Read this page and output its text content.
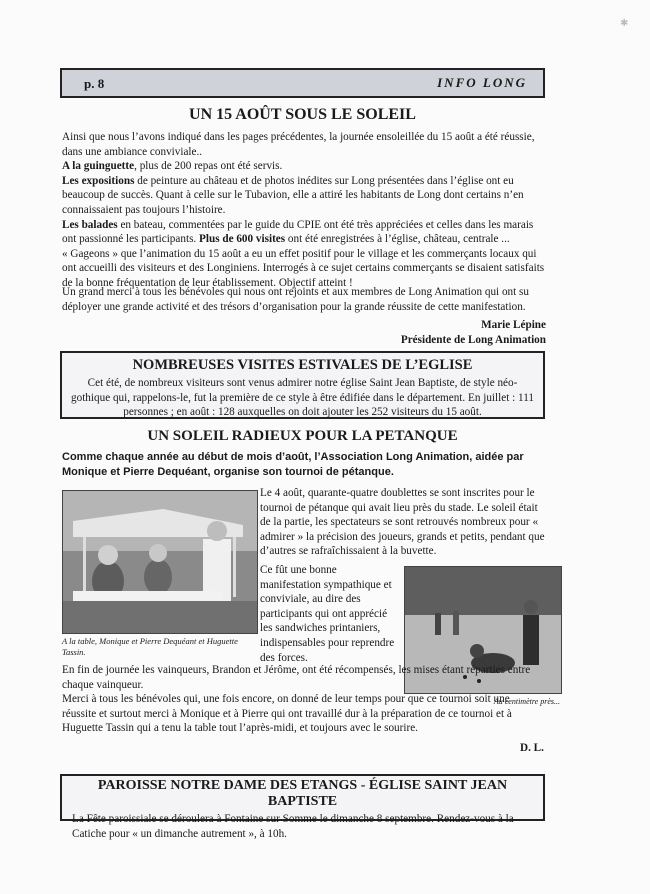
✱
p. 8	INFO LONG
UN 15 AOÛT SOUS LE SOLEIL

Ainsi que nous l’avons indiqué dans les pages précédentes, la journée ensoleillée du 15 août a été réussie, dans une ambiance conviviale..

A la guinguette, plus de 200 repas ont été servis.

Les expositions de peinture au château et de photos inédites sur Long présentées dans l’église ont eu beaucoup de succès. Quant à celle sur le Tubavion, elle a attiré les habitants de Long dont certains n’en connaissaient pas toujours l’histoire.

Les balades en bateau, commentées par le guide du CPIE ont été très appréciées et celles dans les marais ont passionné les participants. Plus de 600 visites ont été enregistrées à l’église, château, centrale ...

« Gageons » que l’animation du 15 août a eu un effet positif pour le village et les commerçants locaux qui ont accueilli des visiteurs et des Longiniens. Interrogés à ce sujet certains commerçants se disaient satisfaits de la bonne fréquentation de leur établissement. Objectif atteint !

Un grand merci à tous les bénévoles qui nous ont rejoints et aux membres de Long Animation qui ont su déployer une grande activité et des trésors d’organisation pour la grande réussite de cette manifestation.
Marie Lépine
Présidente de Long Animation
NOMBREUSES VISITES ESTIVALES DE L’EGLISE
Cet été, de nombreux visiteurs sont venus admirer notre église Saint Jean Baptiste, de style néo-gothique qui, rappelons-le, fut la première de ce style à être édifiée dans le département. En juillet : 111 personnes ; en août : 128 auxquelles on doit ajouter les 252 visiteurs du 15 août.
UN SOLEIL RADIEUX POUR LA PETANQUE
Comme chaque année au début de mois d’août, l’Association Long Animation, aidée par Monique et Pierre Dequéant, organise son tournoi de pétanque.
A la table, Monique et Pierre Dequéant et Huguette Tassin.
Le 4 août, quarante-quatre doublettes se sont inscrites pour le tournoi de pétanque qui avait lieu près du stade. Le soleil était de la partie, les spectateurs se sont retrouvés nombreux pour « admirer » la précision des joueurs, grands et petits, pendant que d’autres se rafraîchissaient à la buvette.
Ce fût une bonne manifestation sympathique et conviviale, au dire des participants qui ont apprécié les sandwiches printaniers, indispensables pour reprendre des forces.
Au centimètre près...

En fin de journée les vainqueurs, Brandon et Jérôme, ont été récompensés, les mises étant réparties entre chaque vainqueur.

Merci à tous les bénévoles qui, une fois encore, on donné de leur temps pour que ce tournoi soit une réussite et surtout merci à Monique et à Pierre qui ont travaillé dur à la préparation de ce tournoi et à Huguette Tassin qui a tenu la table tout l’après-midi, et toujours avec le sourire.

D. L.
PAROISSE NOTRE DAME DES ETANGS - ÉGLISE SAINT JEAN BAPTISTE
La Fête paroissiale se déroulera à Fontaine sur Somme le dimanche 8 septembre. Rendez-vous à la Catiche pour « un dimanche autrement », à 10h.
